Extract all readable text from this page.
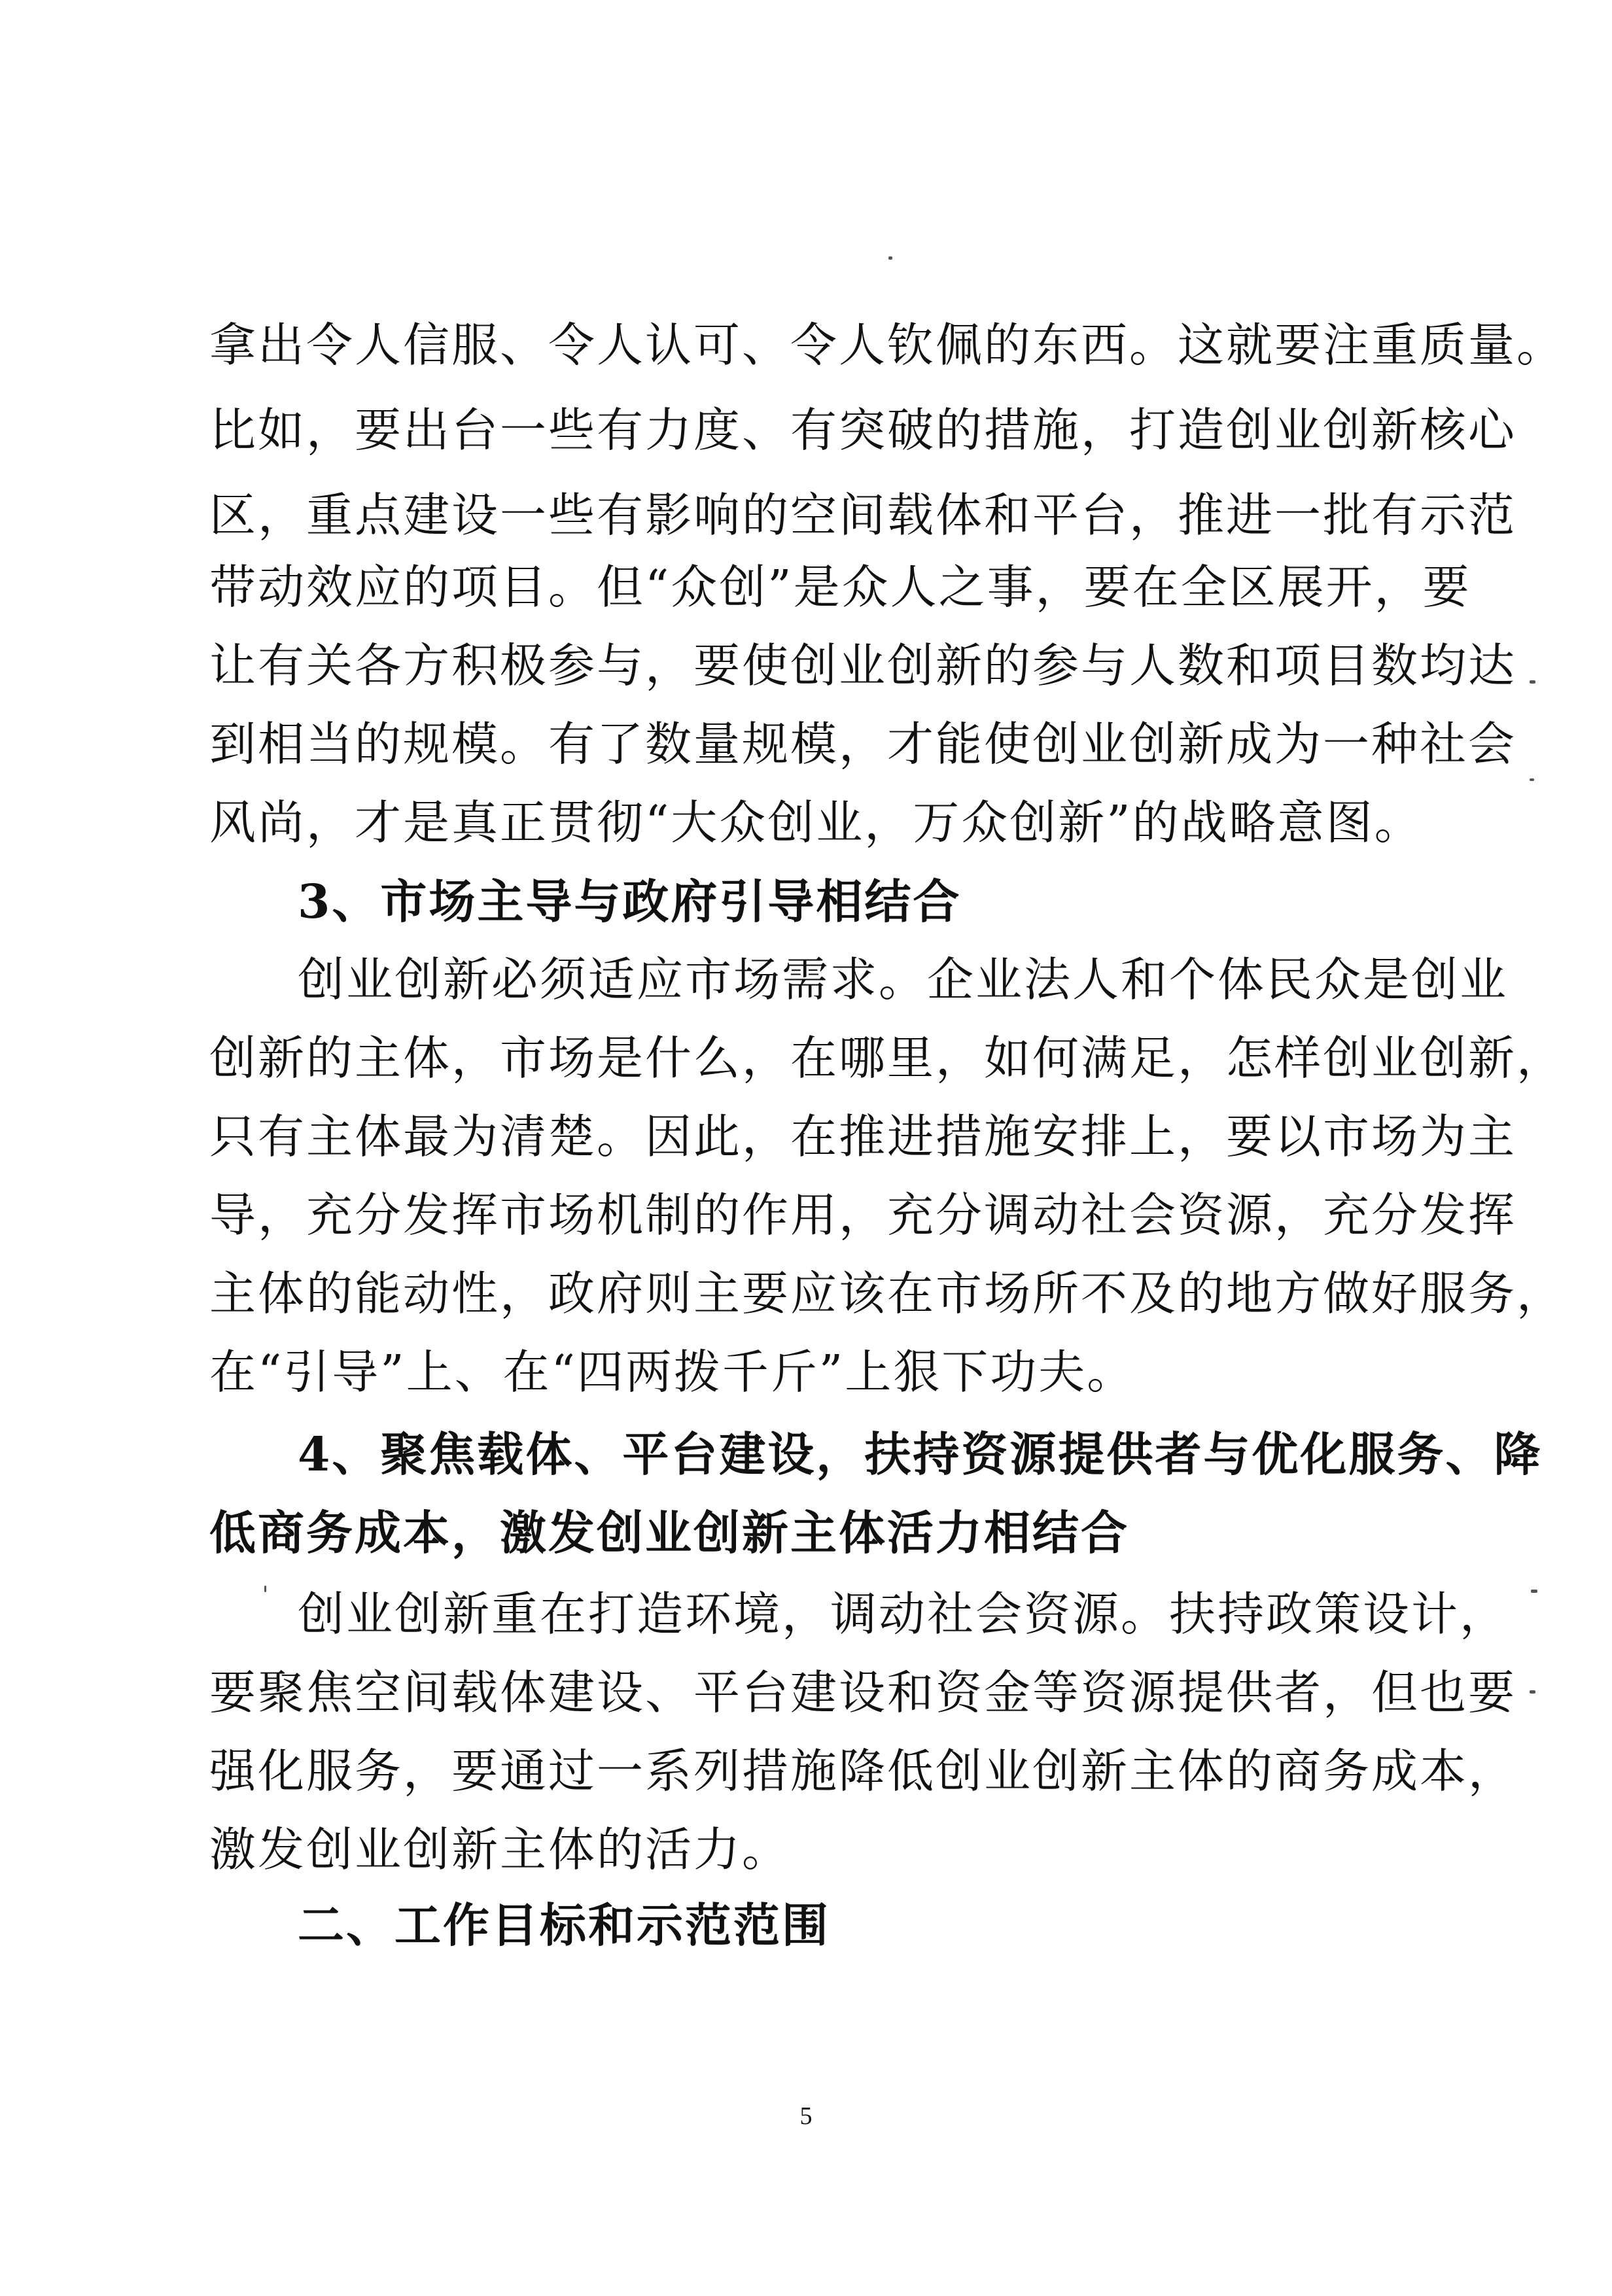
拿出令人信服、令人认可、令人钦佩的东西。这就要注重质量。
比如，要出台一些有力度、有突破的措施，打造创业创新核心
区，重点建设一些有影响的空间载体和平台，推进一批有示范
带动效应的项目。但“众创”是众人之事，要在全区展开，要
让有关各方积极参与，要使创业创新的参与人数和项目数均达
到相当的规模。有了数量规模，才能使创业创新成为一种社会
风尚，才是真正贯彻“大众创业，万众创新”的战略意图。
3、市场主导与政府引导相结合
创业创新必须适应市场需求。企业法人和个体民众是创业
创新的主体，市场是什么，在哪里，如何满足，怎样创业创新，
只有主体最为清楚。因此，在推进措施安排上，要以市场为主
导，充分发挥市场机制的作用，充分调动社会资源，充分发挥
主体的能动性，政府则主要应该在市场所不及的地方做好服务，
在“引导”上、在“四两拨千斤”上狠下功夫。
4、聚焦载体、平台建设，扶持资源提供者与优化服务、降
低商务成本，激发创业创新主体活力相结合
创业创新重在打造环境，调动社会资源。扶持政策设计，
要聚焦空间载体建设、平台建设和资金等资源提供者，但也要
强化服务，要通过一系列措施降低创业创新主体的商务成本，
激发创业创新主体的活力。
二、工作目标和示范范围
5
